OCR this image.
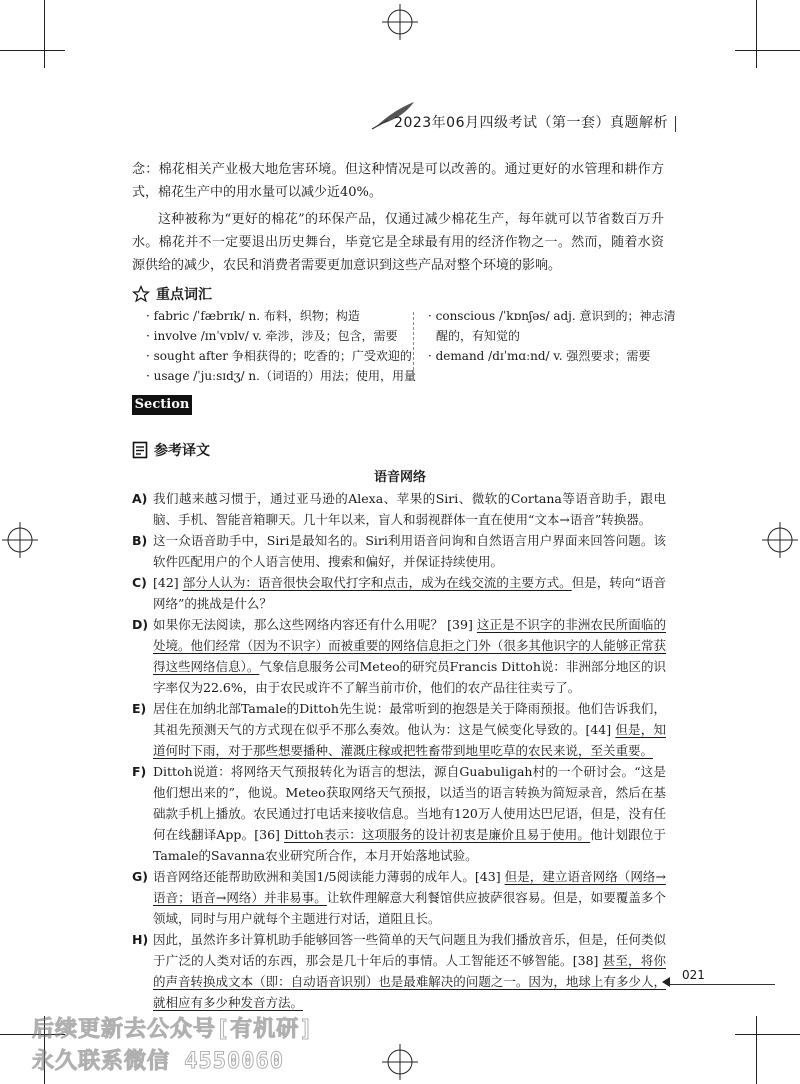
2023年06月四级考试（第一套）真题解析
念：棉花相关产业极大地危害环境。但这种情况是可以改善的。通过更好的水管理和耕作方式，棉花生产中的用水量可以减少近40%。
这种被称为“更好的棉花”的环保产品，仅通过减少棉花生产，每年就可以节省数百万升水。棉花并不一定要退出历史舞台，毕竟它是全球最有用的经济作物之一。然而，随着水资源供给的减少，农民和消费者需要更加意识到这些产品对整个环境的影响。
重点词汇
· fabric /ˈfæbrɪk/ n. 布料，织物；构造
· involve /ɪnˈvɒlv/ v. 牵涉，涉及；包含，需要
· sought after 争相获得的；吃香的；广受欢迎的
· usage /ˈjuːsɪdʒ/ n.（词语的）用法；使用，用量
· conscious /ˈkɒnʃəs/ adj. 意识到的；神志清
醒的，有知觉的
· demand /dɪˈmɑːnd/ v. 强烈要求；需要
Section B
参考译文
语音网络
A) 我们越来越习惯于，通过亚马逊的Alexa、苹果的Siri、微软的Cortana等语音助手，跟电脑、手机、智能音箱聊天。几十年以来，盲人和弱视群体一直在使用“文本→语音”转换器。
B) 这一众语音助手中，Siri是最知名的。Siri利用语音问询和自然语言用户界面来回答问题。该软件匹配用户的个人语言使用、搜索和偏好，并保证持续使用。
C) [42] 部分人认为：语音很快会取代打字和点击，成为在线交流的主要方式。但是，转向“语音网络”的挑战是什么？
D) 如果你无法阅读，那么这些网络内容还有什么用呢？ [39] 这正是不识字的非洲农民所面临的处境。他们经常（因为不识字）而被重要的网络信息拒之门外（很多其他识字的人能够正常获得这些网络信息）。气象信息服务公司Meteo的研究员Francis Dittoh说：非洲部分地区的识字率仅为22.6%，由于农民或许不了解当前市价，他们的农产品往往卖亏了。
E) 居住在加纳北部Tamale的Dittoh先生说：最常听到的抱怨是关于降雨预报。他们告诉我们，其祖先预测天气的方式现在似乎不那么奏效。他认为：这是气候变化导致的。[44] 但是，知道何时下雨，对于那些想要播种、灌溉庄稼或把牲畜带到地里吃草的农民来说，至关重要。
F) Dittoh说道：将网络天气预报转化为语言的想法，源自Guabuligah村的一个研讨会。“这是他们想出来的”，他说。Meteo获取网络天气预报，以适当的语言转换为简短录音，然后在基础款手机上播放。农民通过打电话来接收信息。当地有120万人使用达巴尼语，但是，没有任何在线翻译App。[36] Dittoh表示：这项服务的设计初衷是廉价且易于使用。他计划跟位于Tamale的Savanna农业研究所合作，本月开始落地试验。
G) 语音网络还能帮助欧洲和美国1/5阅读能力薄弱的成年人。[43] 但是，建立语音网络（网络→语音；语音→网络）并非易事。让软件理解意大利餐馆供应披萨很容易。但是，如要覆盖多个领域，同时与用户就每个主题进行对话，道阻且长。
H) 因此，虽然许多计算机助手能够回答一些简单的天气问题且为我们播放音乐，但是，任何类似于广泛的人类对话的东西，那会是几十年后的事情。人工智能还不够智能。[38] 甚至，将你的声音转换成文本（即：自动语音识别）也是最难解决的问题之一。因为，地球上有多少人，就相应有多少种发音方法。
021
后续更新去公众号[有机研]
永久联系微信 4550060
